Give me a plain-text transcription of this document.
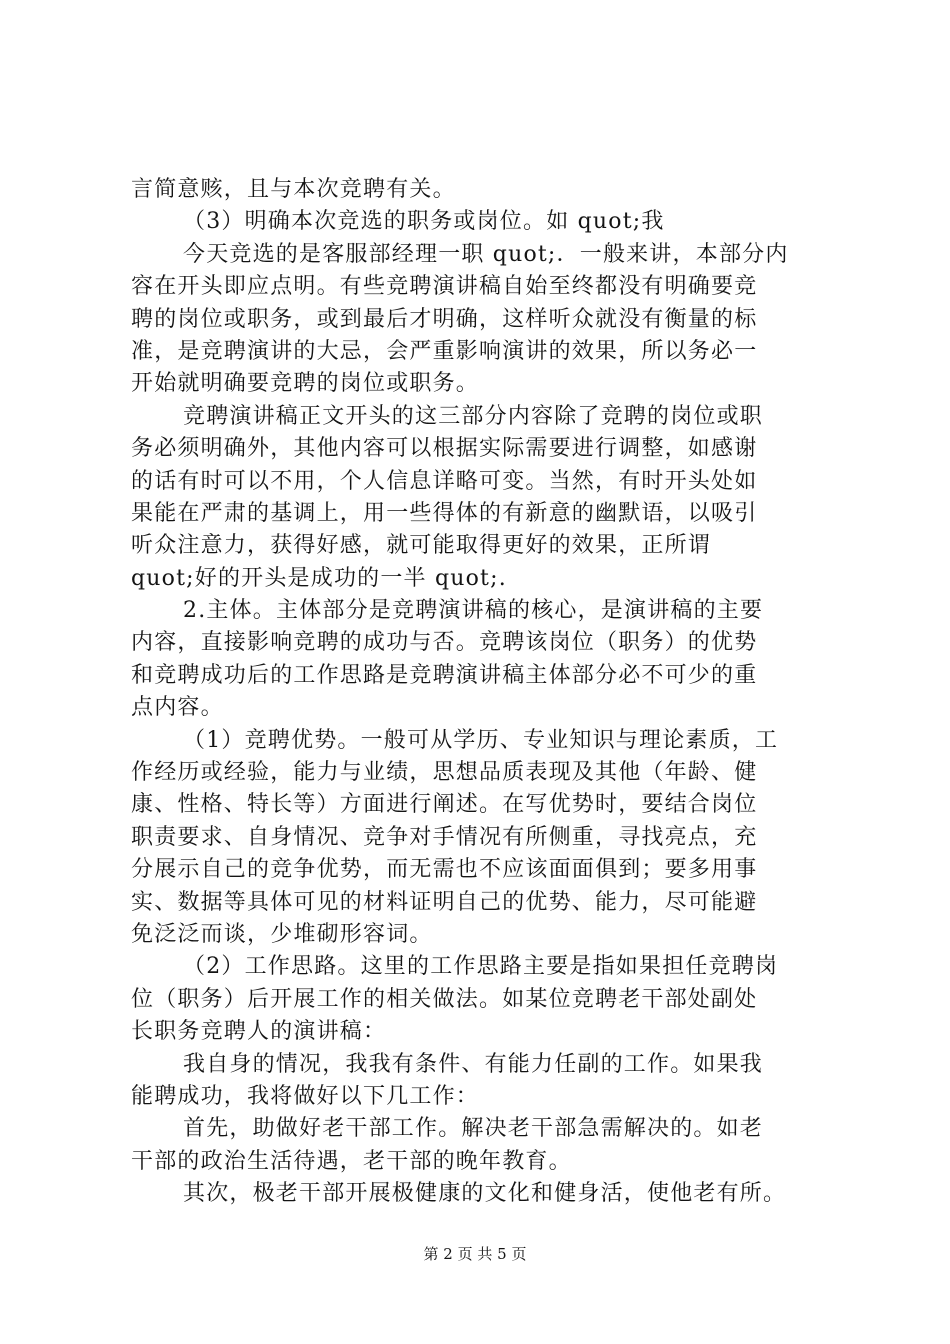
言简意赅，且与本次竞聘有关。
（3）明确本次竞选的职务或岗位。如 quot;我
今天竞选的是客服部经理一职 quot;．一般来讲，本部分内
容在开头即应点明。有些竞聘演讲稿自始至终都没有明确要竞
聘的岗位或职务，或到最后才明确，这样听众就没有衡量的标
准，是竞聘演讲的大忌，会严重影响演讲的效果，所以务必一
开始就明确要竞聘的岗位或职务。
竞聘演讲稿正文开头的这三部分内容除了竞聘的岗位或职
务必须明确外，其他内容可以根据实际需要进行调整，如感谢
的话有时可以不用，个人信息详略可变。当然，有时开头处如
果能在严肃的基调上，用一些得体的有新意的幽默语，以吸引
听众注意力，获得好感，就可能取得更好的效果，正所谓
quot;好的开头是成功的一半 quot;.
2.主体。主体部分是竞聘演讲稿的核心，是演讲稿的主要
内容，直接影响竞聘的成功与否。竞聘该岗位（职务）的优势
和竞聘成功后的工作思路是竞聘演讲稿主体部分必不可少的重
点内容。
（1）竞聘优势。一般可从学历、专业知识与理论素质，工
作经历或经验，能力与业绩，思想品质表现及其他（年龄、健
康、性格、特长等）方面进行阐述。在写优势时，要结合岗位
职责要求、自身情况、竞争对手情况有所侧重，寻找亮点，充
分展示自己的竞争优势，而无需也不应该面面俱到；要多用事
实、数据等具体可见的材料证明自己的优势、能力，尽可能避
免泛泛而谈，少堆砌形容词。
（2）工作思路。这里的工作思路主要是指如果担任竞聘岗
位（职务）后开展工作的相关做法。如某位竞聘老干部处副处
长职务竞聘人的演讲稿：
我自身的情况，我我有条件、有能力任副的工作。如果我
能聘成功，我将做好以下几工作：
首先，助做好老干部工作。解决老干部急需解决的。如老
干部的政治生活待遇，老干部的晚年教育。
其次，极老干部开展极健康的文化和健身活，使他老有所。
第 2 页 共 5 页
